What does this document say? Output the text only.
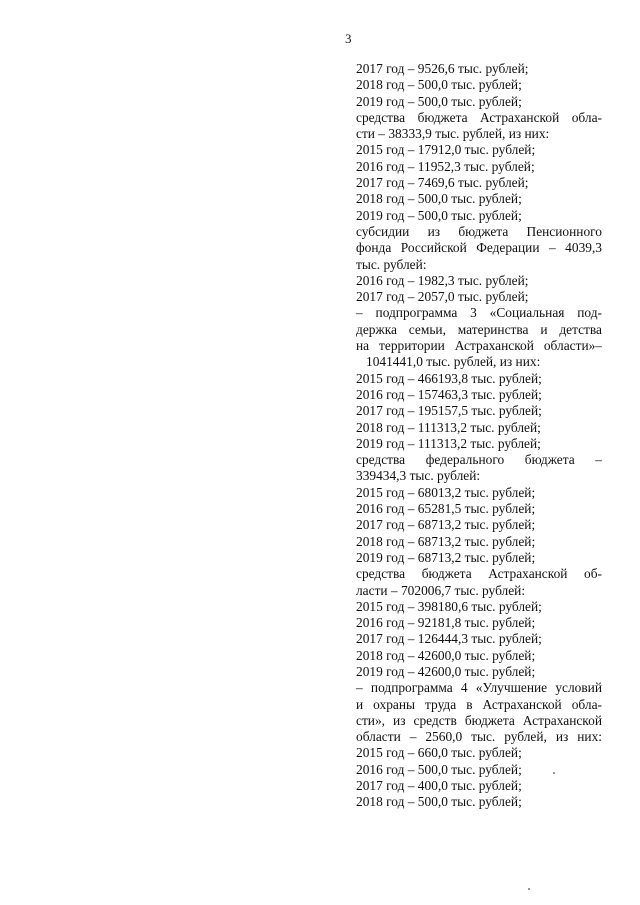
3
2017 год – 9526,6 тыс. рублей;
2018 год – 500,0 тыс. рублей;
2019 год – 500,0 тыс. рублей;
средства бюджета Астраханской обла-
сти – 38333,9 тыс. рублей, из них:
2015 год – 17912,0 тыс. рублей;
2016 год – 11952,3 тыс. рублей;
2017 год – 7469,6 тыс. рублей;
2018 год – 500,0 тыс. рублей;
2019 год – 500,0 тыс. рублей;
субсидии из бюджета Пенсионного
фонда Российской Федерации – 4039,3
тыс. рублей:
2016 год – 1982,3 тыс. рублей;
2017 год – 2057,0 тыс. рублей;
– подпрограмма 3 «Социальная под-
держка семьи, материнства и детства
на территории Астраханской области»–
1041441,0 тыс. рублей, из них:
2015 год – 466193,8 тыс. рублей;
2016 год – 157463,3 тыс. рублей;
2017 год – 195157,5 тыс. рублей;
2018 год – 111313,2 тыс. рублей;
2019 год – 111313,2 тыс. рублей;
средства федерального бюджета –
339434,3 тыс. рублей:
2015 год – 68013,2 тыс. рублей;
2016 год – 65281,5 тыс. рублей;
2017 год – 68713,2 тыс. рублей;
2018 год – 68713,2 тыс. рублей;
2019 год – 68713,2 тыс. рублей;
средства бюджета Астраханской об-
ласти – 702006,7 тыс. рублей:
2015 год – 398180,6 тыс. рублей;
2016 год – 92181,8 тыс. рублей;
2017 год – 126444,3 тыс. рублей;
2018 год – 42600,0 тыс. рублей;
2019 год – 42600,0 тыс. рублей;
– подпрограмма 4 «Улучшение условий
и охраны труда в Астраханской обла-
сти», из средств бюджета Астраханской
области – 2560,0 тыс. рублей, из них:
2015 год – 660,0 тыс. рублей;
2016 год – 500,0 тыс. рублей;
2017 год – 400,0 тыс. рублей;
2018 год – 500,0 тыс. рублей;
